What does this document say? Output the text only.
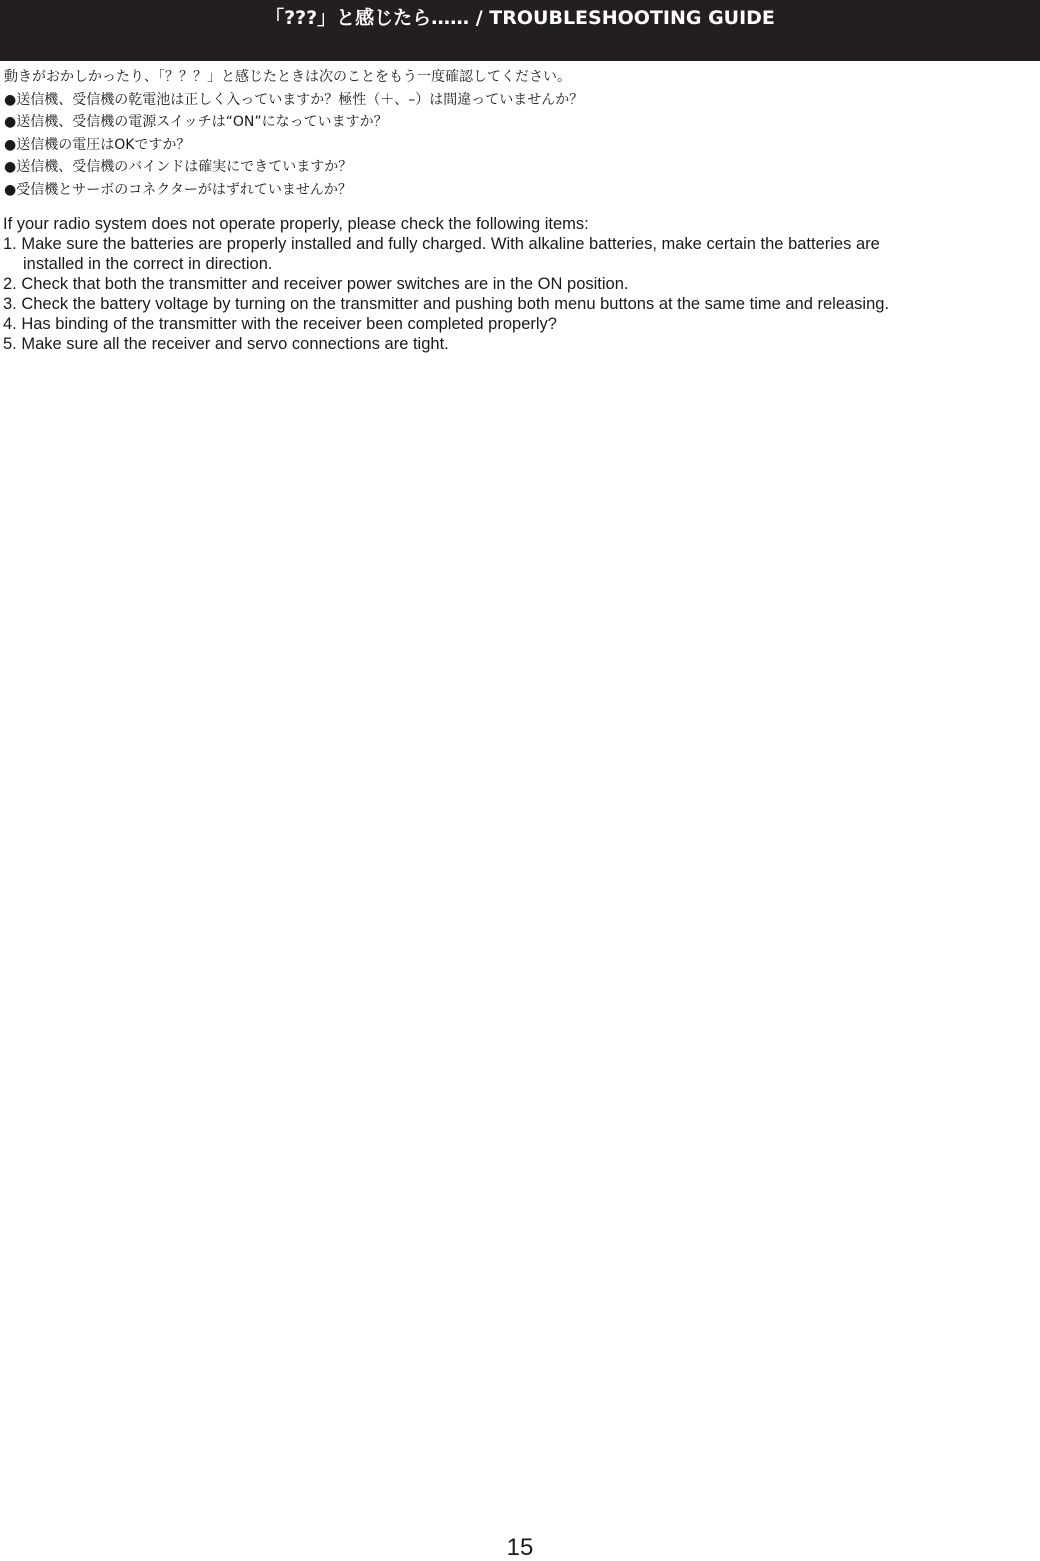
「???」と感じたら…… / TROUBLESHOOTING GUIDE
動きがおかしかったり、「？？？」と感じたときは次のことをもう一度確認してください。
●送信機、受信機の乾電池は正しく入っていますか？極性（＋、–）は間違っていませんか？
●送信機、受信機の電源スイッチは“ON”になっていますか？
●送信機の電圧はOKですか？
●送信機、受信機のバインドは確実にできていますか？
●受信機とサーボのコネクターがはずれていませんか？
If your radio system does not operate properly, please check the following items:
1. Make sure the batteries are properly installed and fully charged. With alkaline batteries, make certain the batteries are
installed in the correct in direction.
2. Check that both the transmitter and receiver power switches are in the ON position.
3. Check the battery voltage by turning on the transmitter and pushing both menu buttons at the same time and releasing.
4. Has binding of the transmitter with the receiver been completed properly?
5. Make sure all the receiver and servo connections are tight.
15
